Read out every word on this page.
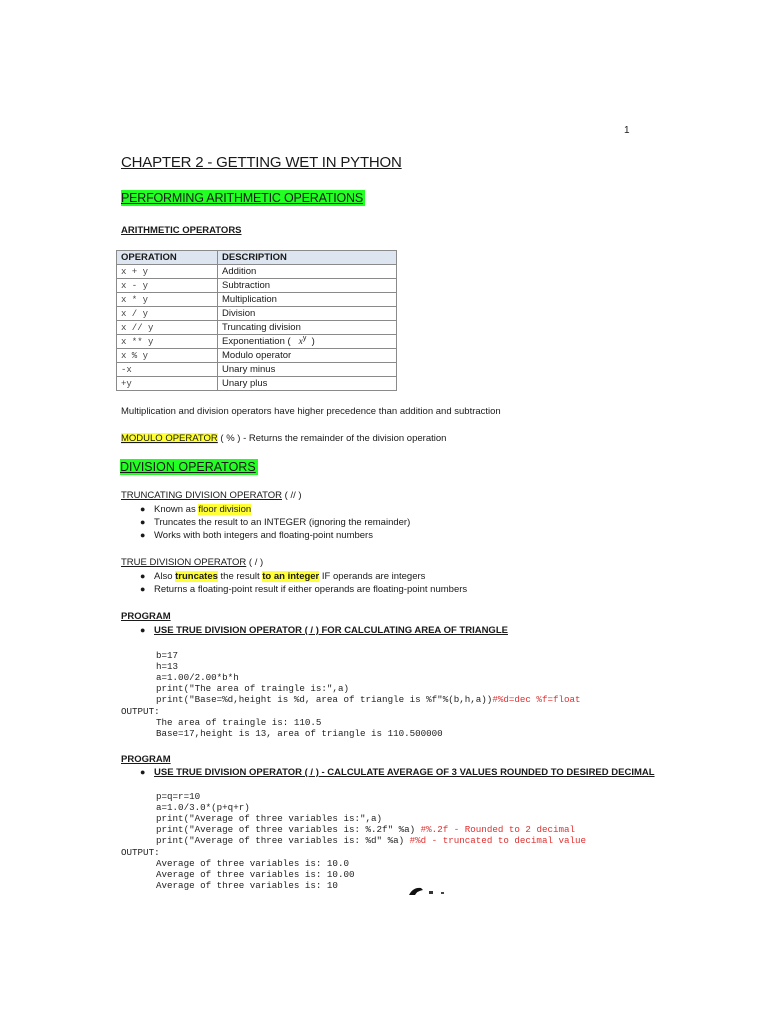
1
CHAPTER 2 - GETTING WET IN PYTHON
PERFORMING ARITHMETIC OPERATIONS
ARITHMETIC OPERATORS
OPERATION	DESCRIPTION
x + y	Addition
x - y	Subtraction
x * y	Multiplication
x / y	Division
x // y	Truncating division
x ** y	Exponentiation ( $x^y$ )
x % y	Modulo operator
-x	Unary minus
+y	Unary plus
Multiplication and division operators have higher precedence than addition and subtraction
MODULO OPERATOR ( % ) - Returns the remainder of the division operation
DIVISION OPERATORS
TRUNCATING DIVISION OPERATOR ( // )
● Known as floor division
● Truncates the result to an INTEGER (ignoring the remainder)
● Works with both integers and floating-point numbers
TRUE DIVISION OPERATOR ( / )
● Also truncates the result to an integer IF operands are integers
● Returns a floating-point result if either operands are floating-point numbers
PROGRAM
● USE TRUE DIVISION OPERATOR ( / ) FOR CALCULATING AREA OF TRIANGLE
b=17
h=13
a=1.00/2.00*b*h
print("The area of traingle is:",a)
print("Base=%d,height is %d, area of triangle is %f"%(b,h,a))#%d=dec %f=float
OUTPUT:
The area of traingle is: 110.5
Base=17,height is 13, area of triangle is 110.500000
PROGRAM
● USE TRUE DIVISION OPERATOR ( / ) - CALCULATE AVERAGE OF 3 VALUES ROUNDED TO DESIRED DECIMAL
p=q=r=10
a=1.0/3.0*(p+q+r)
print("Average of three variables is:",a)
print("Average of three variables is: %.2f" %a) #%.2f - Rounded to 2 decimal
print("Average of three variables is: %d" %a) #%d - truncated to decimal value
OUTPUT:
Average of three variables is: 10.0
Average of three variables is: 10.00
Average of three variables is: 10
